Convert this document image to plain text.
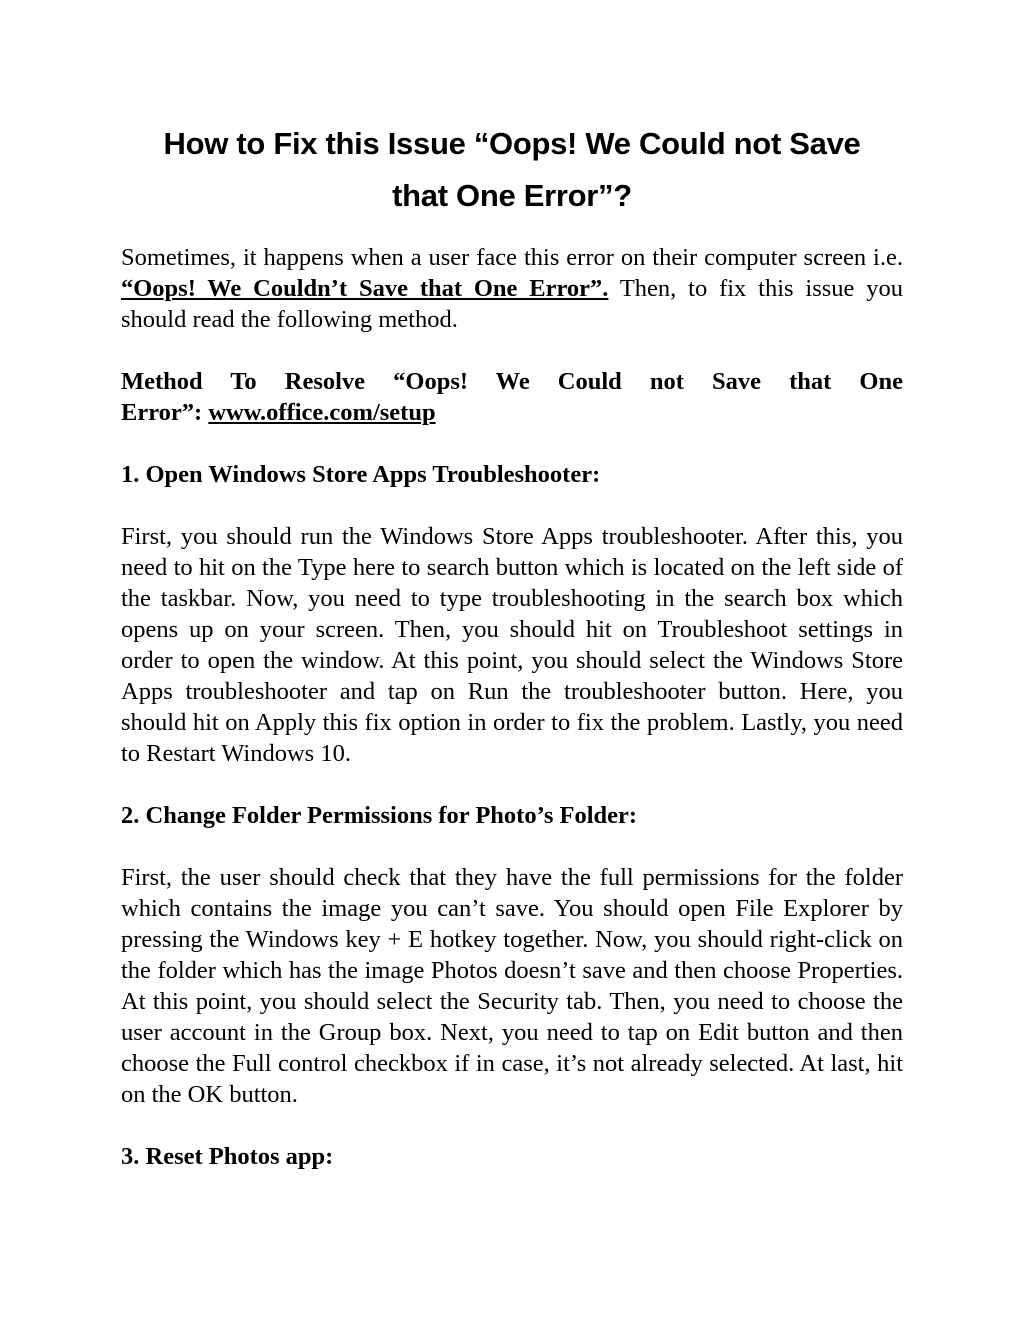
How to Fix this Issue “Oops! We Could not Save
that One Error”?

Sometimes, it happens when a user face this error on their computer screen i.e. “Oops! We Couldn’t Save that One Error”. Then, to fix this issue you should read the following method.

Method To Resolve “Oops! We Could not Save that One
Error”: www.office.com/setup

1. Open Windows Store Apps Troubleshooter:

First, you should run the Windows Store Apps troubleshooter. After this, you need to hit on the Type here to search button which is located on the left side of the taskbar. Now, you need to type troubleshooting in the search box which opens up on your screen. Then, you should hit on Troubleshoot settings in order to open the window. At this point, you should select the Windows Store Apps troubleshooter and tap on Run the troubleshooter button. Here, you should hit on Apply this fix option in order to fix the problem. Lastly, you need to Restart Windows 10.

2. Change Folder Permissions for Photo’s Folder:

First, the user should check that they have the full permissions for the folder which contains the image you can’t save. You should open File Explorer by pressing the Windows key + E hotkey together. Now, you should right-click on the folder which has the image Photos doesn’t save and then choose Properties. At this point, you should select the Security tab. Then, you need to choose the user account in the Group box. Next, you need to tap on Edit button and then choose the Full control checkbox if in case, it’s not already selected. At last, hit on the OK button.

3. Reset Photos app:
